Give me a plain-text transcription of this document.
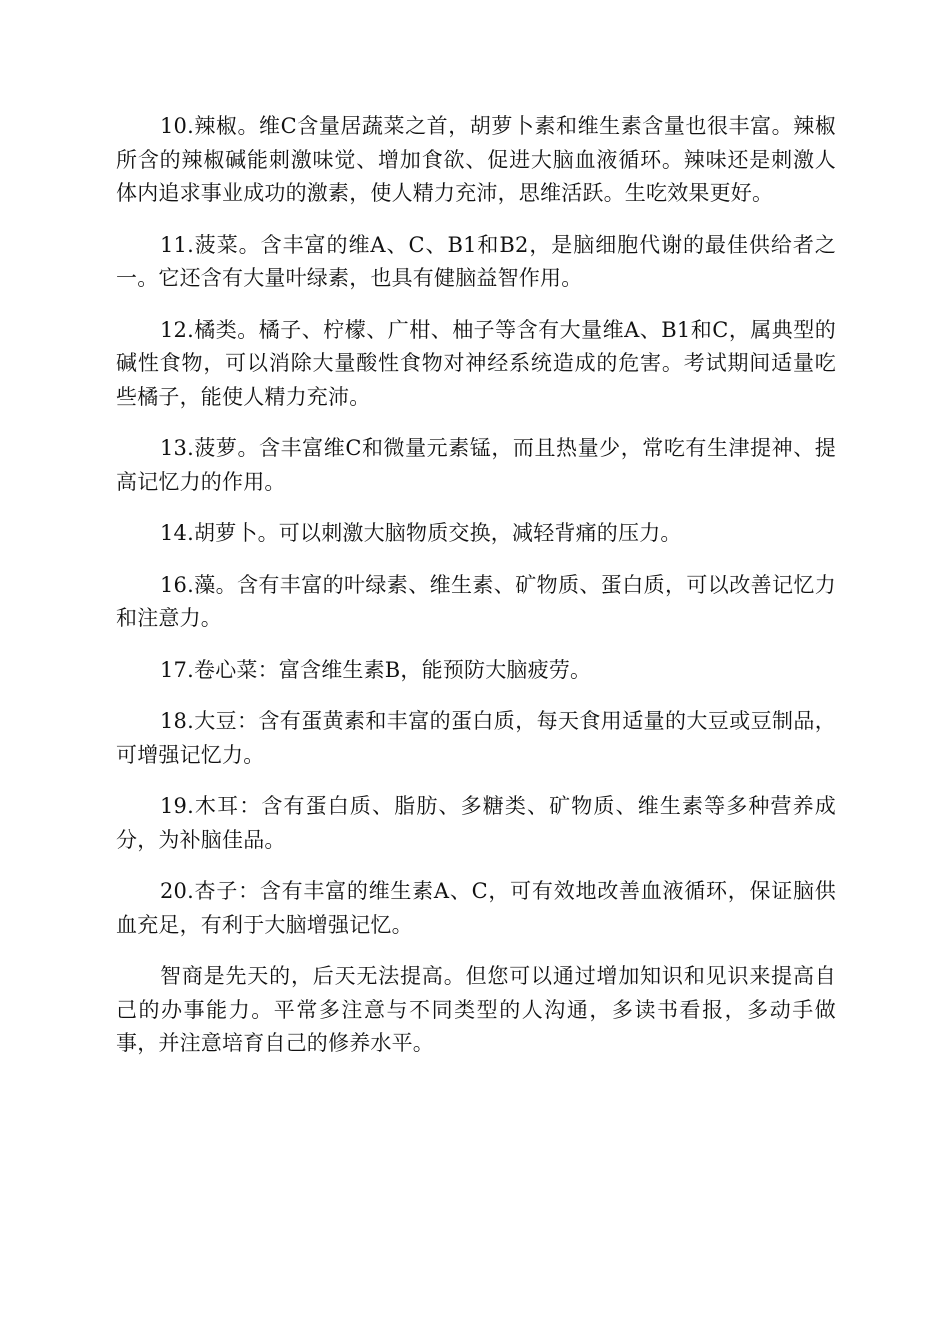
10.辣椒。维C含量居蔬菜之首，胡萝卜素和维生素含量也很丰富。辣椒所含的辣椒碱能刺激味觉、增加食欲、促进大脑血液循环。辣味还是刺激人体内追求事业成功的激素，使人精力充沛，思维活跃。生吃效果更好。

11.菠菜。含丰富的维A、C、B1和B2，是脑细胞代谢的最佳供给者之一。它还含有大量叶绿素，也具有健脑益智作用。

12.橘类。橘子、柠檬、广柑、柚子等含有大量维A、B1和C，属典型的碱性食物，可以消除大量酸性食物对神经系统造成的危害。考试期间适量吃些橘子，能使人精力充沛。

13.菠萝。含丰富维C和微量元素锰，而且热量少，常吃有生津提神、提高记忆力的作用。

14.胡萝卜。可以刺激大脑物质交换，减轻背痛的压力。

16.藻。含有丰富的叶绿素、维生素、矿物质、蛋白质，可以改善记忆力和注意力。

17.卷心菜：富含维生素B，能预防大脑疲劳。

18.大豆：含有蛋黄素和丰富的蛋白质，每天食用适量的大豆或豆制品，可增强记忆力。

19.木耳：含有蛋白质、脂肪、多糖类、矿物质、维生素等多种营养成分，为补脑佳品。

20.杏子：含有丰富的维生素A、C，可有效地改善血液循环，保证脑供血充足，有利于大脑增强记忆。

智商是先天的，后天无法提高。但您可以通过增加知识和见识来提高自己的办事能力。平常多注意与不同类型的人沟通，多读书看报，多动手做事，并注意培育自己的修养水平。
